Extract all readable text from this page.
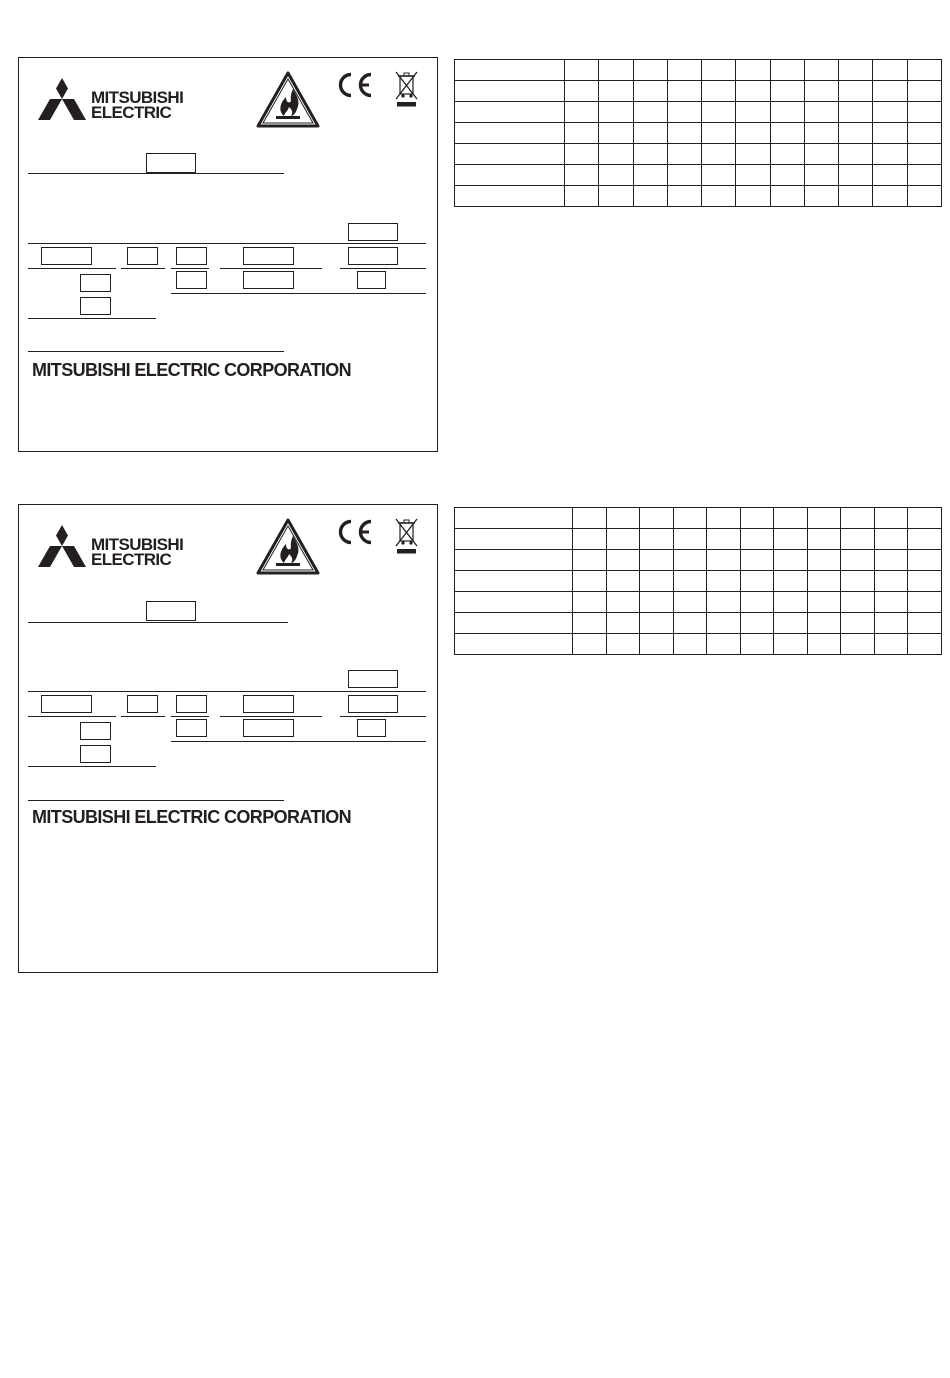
MITSUBISHI
ELECTRIC
MITSUBISHI ELECTRIC CORPORATION

MITSUBISHI
ELECTRIC
MITSUBISHI ELECTRIC CORPORATION
